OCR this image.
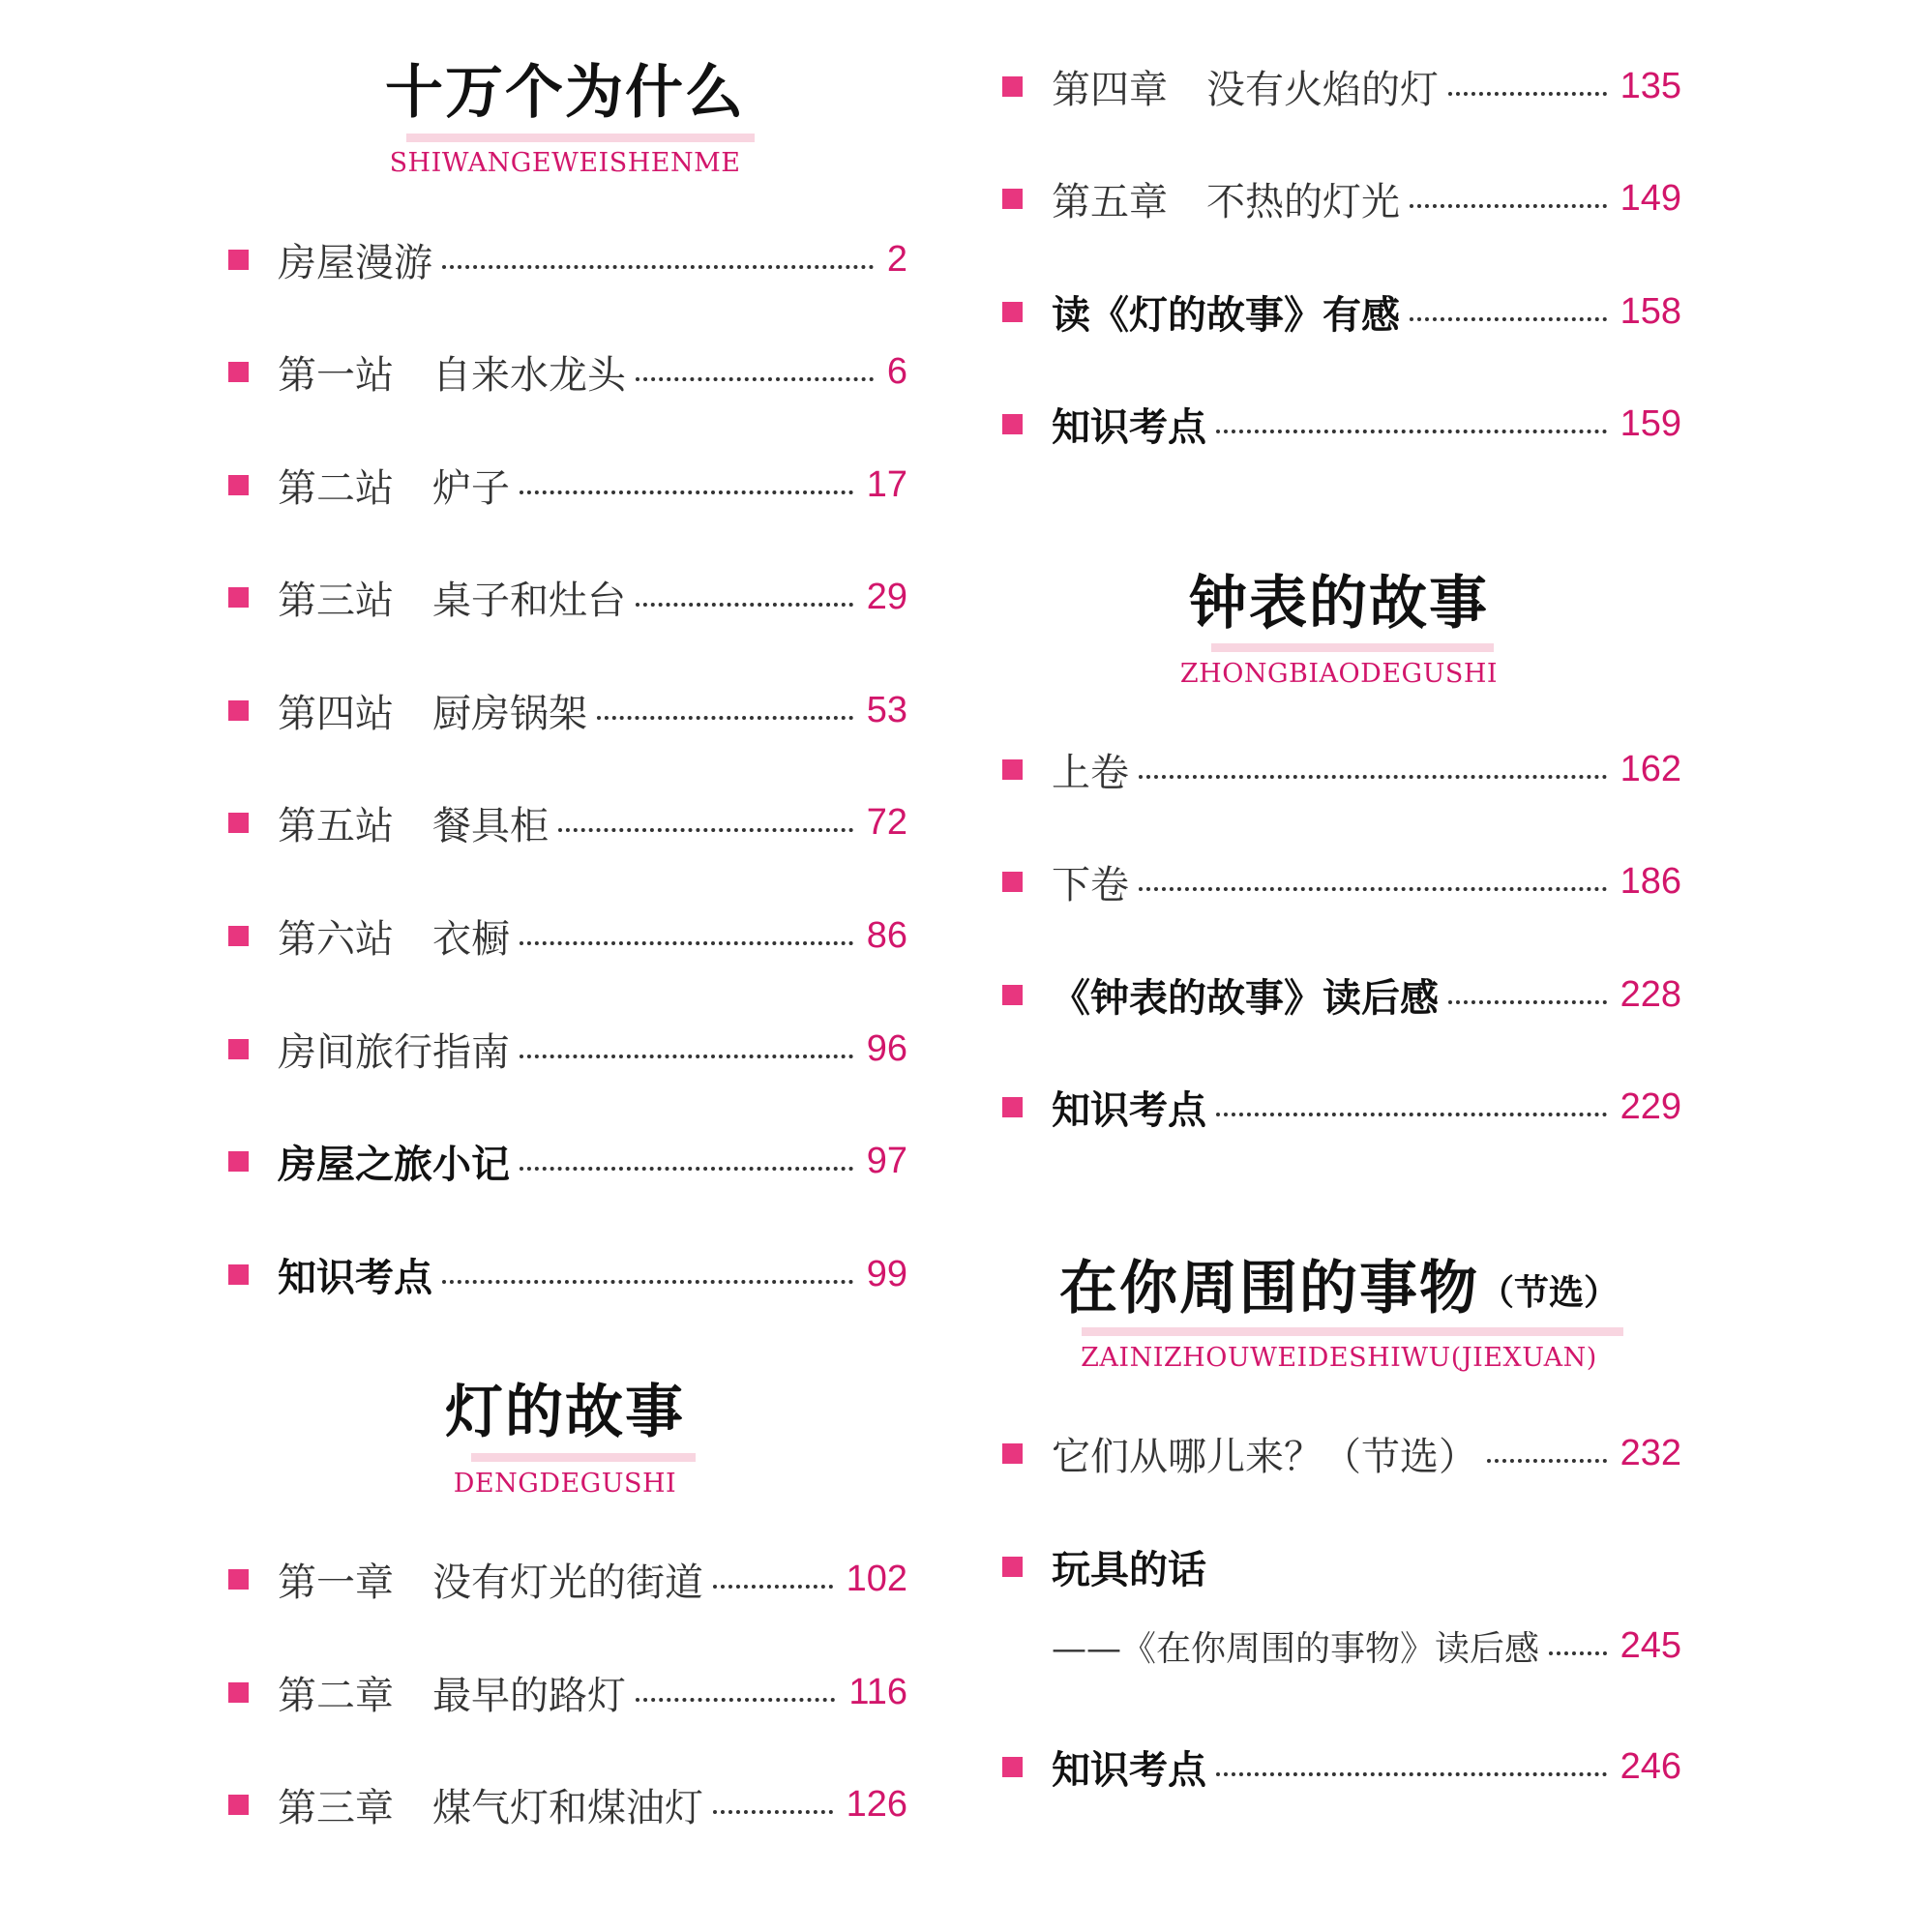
十万个为什么
SHIWANGEWEISHENME
房屋漫游	2
第一站　自来水龙头	6
第二站　炉子	17
第三站　桌子和灶台	29
第四站　厨房锅架	53
第五站　餐具柜	72
第六站　衣橱	86
房间旅行指南	96
房屋之旅小记	97
知识考点	99
灯的故事
DENGDEGUSHI
第一章　没有灯光的街道	102
第二章　最早的路灯	116
第三章　煤气灯和煤油灯	126
第四章　没有火焰的灯	135
第五章　不热的灯光	149
读《灯的故事》有感	158
知识考点	159
钟表的故事
ZHONGBIAODEGUSHI
上卷	162
下卷	186
《钟表的故事》读后感	228
知识考点	229
在你周围的事物（节选）
ZAINIZHOUWEIDESHIWU(JIEXUAN)
它们从哪儿来？（节选）	232
玩具的话
——《在你周围的事物》读后感 245
知识考点	246
